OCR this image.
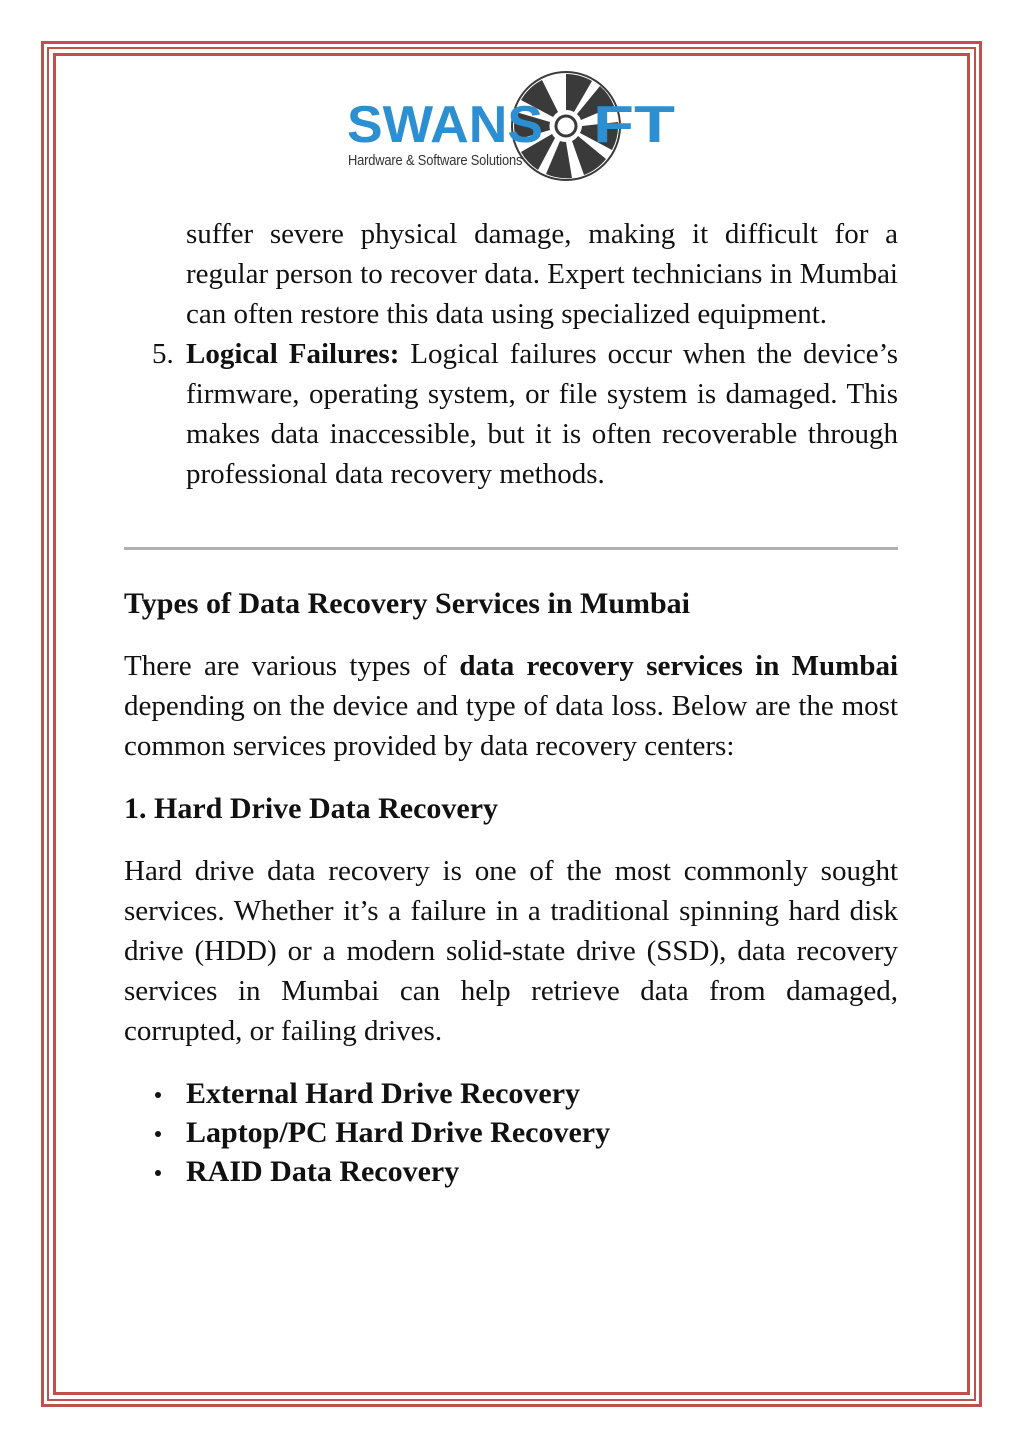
SWANS FT
Hardware & Software Solutions
suffer severe physical damage, making it difficult for a regular person to recover data. Expert technicians in Mumbai can often restore this data using specialized equipment.
5. Logical Failures: Logical failures occur when the device’s firmware, operating system, or file system is damaged. This makes data inaccessible, but it is often recoverable through professional data recovery methods.
Types of Data Recovery Services in Mumbai

There are various types of data recovery services in Mumbai depending on the device and type of data loss. Below are the most common services provided by data recovery centers:

1. Hard Drive Data Recovery

Hard drive data recovery is one of the most commonly sought services. Whether it’s a failure in a traditional spinning hard disk drive (HDD) or a modern solid-state drive (SSD), data recovery services in Mumbai can help retrieve data from damaged, corrupted, or failing drives.

External Hard Drive Recovery
Laptop/PC Hard Drive Recovery
RAID Data Recovery
